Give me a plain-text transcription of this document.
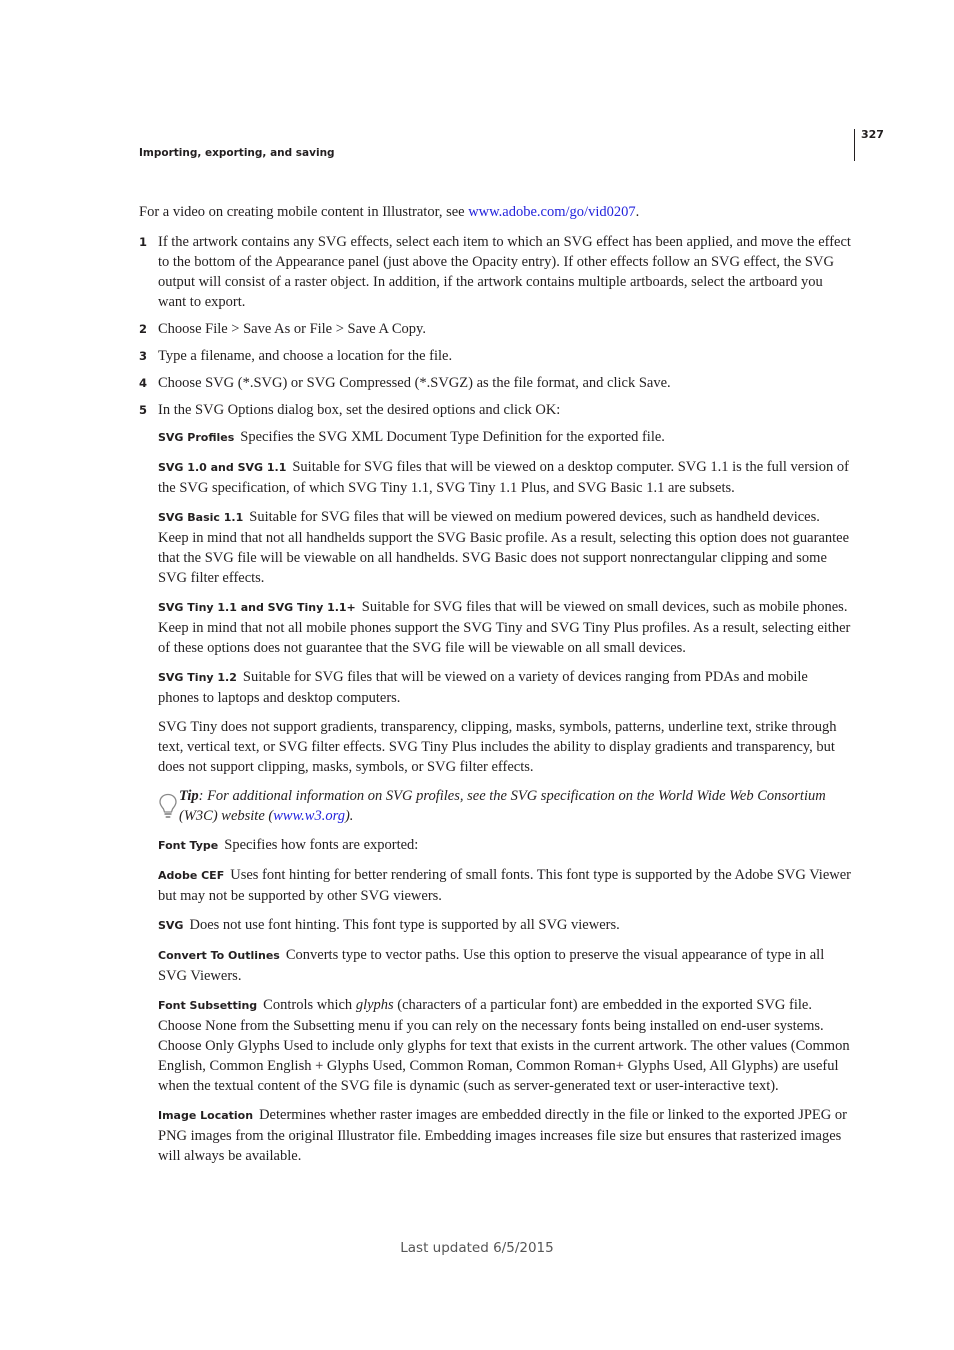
Importing, exporting, and saving
327

For a video on creating mobile content in Illustrator, see www.adobe.com/go/vid0207.

1 If the artwork contains any SVG effects, select each item to which an SVG effect has been applied, and move the effect to the bottom of the Appearance panel (just above the Opacity entry). If other effects follow an SVG effect, the SVG output will consist of a raster object. In addition, if the artwork contains multiple artboards, select the artboard you want to export.
2 Choose File > Save As or File > Save A Copy.
3 Type a filename, and choose a location for the file.
4 Choose SVG (*.SVG) or SVG Compressed (*.SVGZ) as the file format, and click Save.
5 In the SVG Options dialog box, set the desired options and click OK:

SVG Profiles Specifies the SVG XML Document Type Definition for the exported file.

SVG 1.0 and SVG 1.1 Suitable for SVG files that will be viewed on a desktop computer. SVG 1.1 is the full version of the SVG specification, of which SVG Tiny 1.1, SVG Tiny 1.1 Plus, and SVG Basic 1.1 are subsets.

SVG Basic 1.1 Suitable for SVG files that will be viewed on medium powered devices, such as handheld devices. Keep in mind that not all handhelds support the SVG Basic profile. As a result, selecting this option does not guarantee that the SVG file will be viewable on all handhelds. SVG Basic does not support nonrectangular clipping and some SVG filter effects.

SVG Tiny 1.1 and SVG Tiny 1.1+ Suitable for SVG files that will be viewed on small devices, such as mobile phones. Keep in mind that not all mobile phones support the SVG Tiny and SVG Tiny Plus profiles. As a result, selecting either of these options does not guarantee that the SVG file will be viewable on all small devices.

SVG Tiny 1.2 Suitable for SVG files that will be viewed on a variety of devices ranging from PDAs and mobile phones to laptops and desktop computers.

SVG Tiny does not support gradients, transparency, clipping, masks, symbols, patterns, underline text, strike through text, vertical text, or SVG filter effects. SVG Tiny Plus includes the ability to display gradients and transparency, but does not support clipping, masks, symbols, or SVG filter effects.

Tip: For additional information on SVG profiles, see the SVG specification on the World Wide Web Consortium (W3C) website (www.w3.org).

Font Type Specifies how fonts are exported:

Adobe CEF Uses font hinting for better rendering of small fonts. This font type is supported by the Adobe SVG Viewer but may not be supported by other SVG viewers.

SVG Does not use font hinting. This font type is supported by all SVG viewers.

Convert To Outlines Converts type to vector paths. Use this option to preserve the visual appearance of type in all SVG Viewers.

Font Subsetting Controls which glyphs (characters of a particular font) are embedded in the exported SVG file. Choose None from the Subsetting menu if you can rely on the necessary fonts being installed on end-user systems. Choose Only Glyphs Used to include only glyphs for text that exists in the current artwork. The other values (Common English, Common English + Glyphs Used, Common Roman, Common Roman+ Glyphs Used, All Glyphs) are useful when the textual content of the SVG file is dynamic (such as server-generated text or user-interactive text).

Image Location Determines whether raster images are embedded directly in the file or linked to the exported JPEG or PNG images from the original Illustrator file. Embedding images increases file size but ensures that rasterized images will always be available.

Last updated 6/5/2015
